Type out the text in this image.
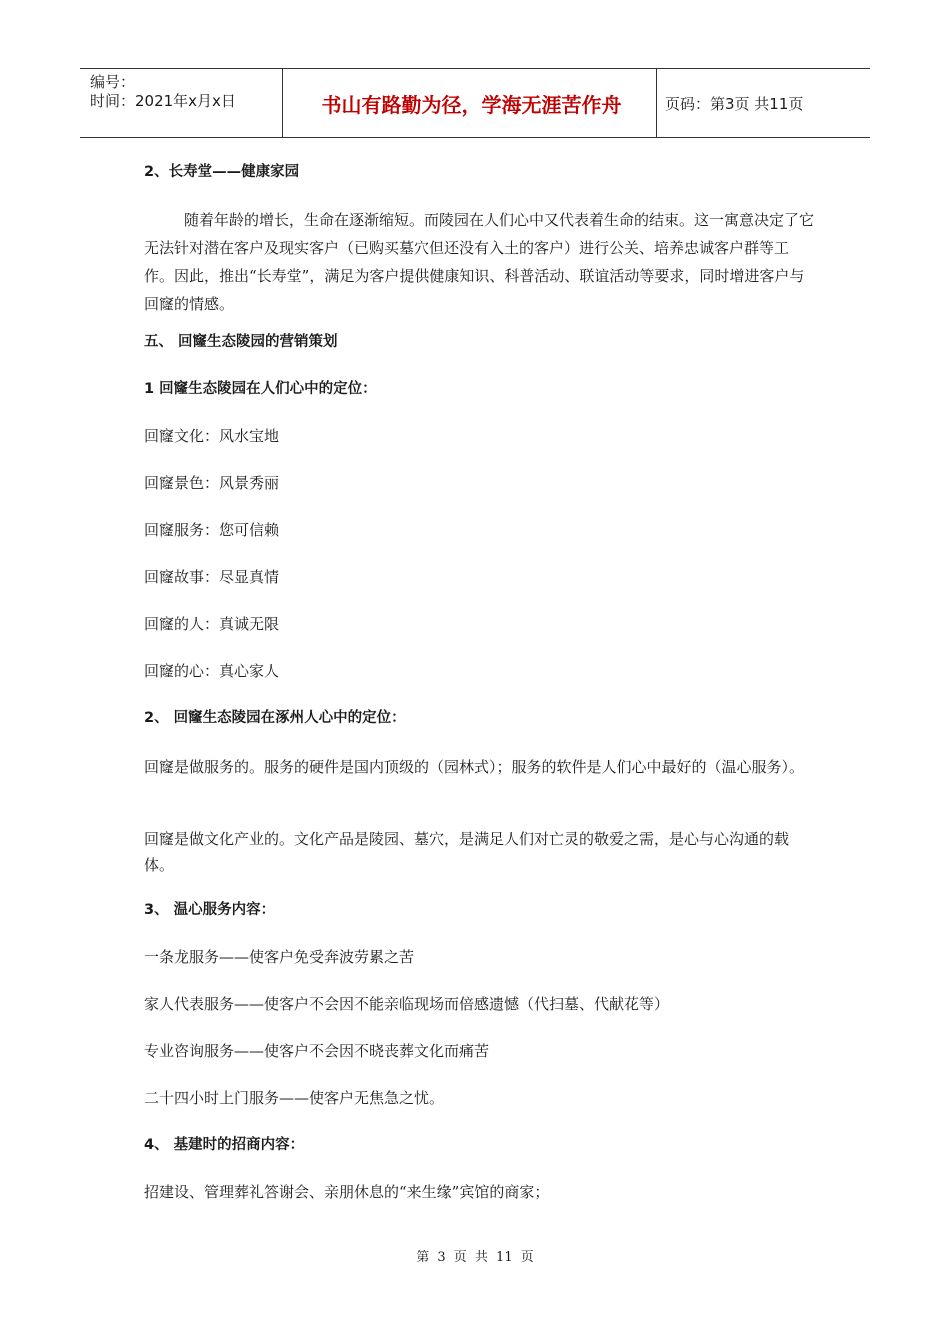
编号：
时间：2021年x月x日	书山有路勤为径，学海无涯苦作舟	页码：第3页 共11页

2、长寿堂——健康家园

随着年龄的增长，生命在逐渐缩短。而陵园在人们心中又代表着生命的结束。这一寓意决定了它无法针对潜在客户及现实客户（已购买墓穴但还没有入土的客户）进行公关、培养忠诚客户群等工作。因此，推出“长寿堂”，满足为客户提供健康知识、科普活动、联谊活动等要求，同时增进客户与回窿的情感。

五、 回窿生态陵园的营销策划

1 回窿生态陵园在人们心中的定位：

回窿文化：风水宝地

回窿景色：风景秀丽

回窿服务：您可信赖

回窿故事：尽显真情

回窿的人：真诚无限

回窿的心：真心家人

2、 回窿生态陵园在涿州人心中的定位：

回窿是做服务的。服务的硬件是国内顶级的（园林式）；服务的软件是人们心中最好的（温心服务）。

回窿是做文化产业的。文化产品是陵园、墓穴，是满足人们对亡灵的敬爱之需，是心与心沟通的载体。

3、 温心服务内容：

一条龙服务——使客户免受奔波劳累之苦

家人代表服务——使客户不会因不能亲临现场而倍感遗憾（代扫墓、代献花等）

专业咨询服务——使客户不会因不晓丧葬文化而痛苦

二十四小时上门服务——使客户无焦急之忧。

4、 基建时的招商内容：

招建设、管理葬礼答谢会、亲朋休息的“来生缘”宾馆的商家；

第 3 页 共 11 页
